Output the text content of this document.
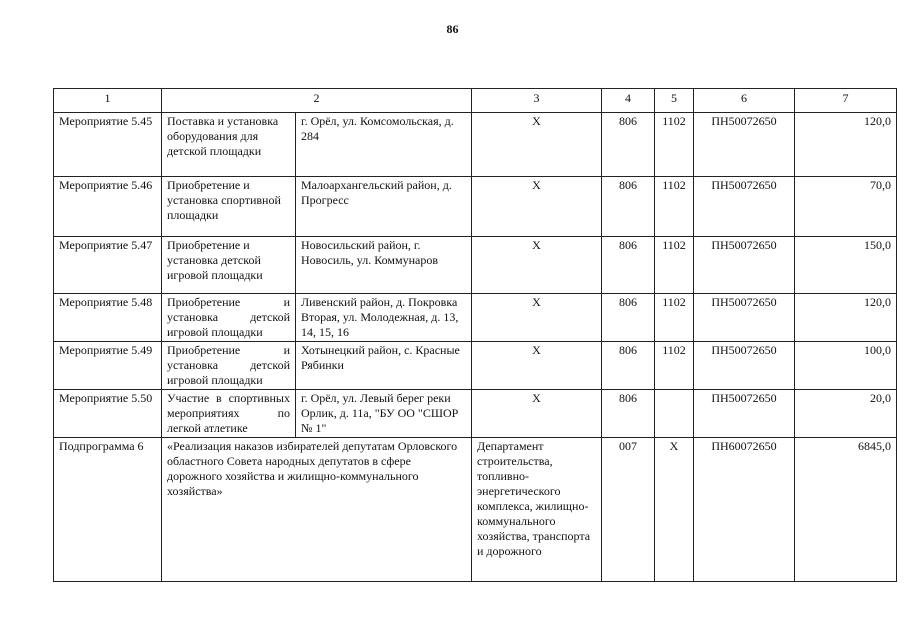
86
1	2		3	4	5	6	7
Мероприятие 5.45	Поставка и установка оборудования для детской площадки	г. Орёл, ул. Комсомольская, д. 284	X	806	1102	ПН50072650	120,0
Мероприятие 5.46	Приобретение и установка спортивной площадки	Малоархангельский район, д. Прогресс	X	806	1102	ПН50072650	70,0
Мероприятие 5.47	Приобретение и установка детской игровой площадки	Новосильский район, г. Новосиль, ул. Коммунаров	X	806	1102	ПН50072650	150,0
Мероприятие 5.48	Приобретение и установка детской игровой площадки	Ливенский район, д. Покровка Вторая, ул. Молодежная, д. 13, 14, 15, 16	X	806	1102	ПН50072650	120,0
Мероприятие 5.49	Приобретение и установка детской игровой площадки	Хотынецкий район, с. Красные Рябинки	X	806	1102	ПН50072650	100,0
Мероприятие 5.50	Участие в спортивных мероприятиях по легкой атлетике	г. Орёл, ул. Левый берег реки Орлик, д. 11а, "БУ ОО "СШОР № 1"	X	806		ПН50072650	20,0
Подпрограмма 6	«Реализация наказов избирателей депутатам Орловского областного Совета народных депутатов в сфере дорожного хозяйства и жилищно-коммунального хозяйства»		Департамент строительства, топливно-энергетического комплекса, жилищно-коммунального хозяйства, транспорта и дорожного	007	X	ПН60072650	6845,0
